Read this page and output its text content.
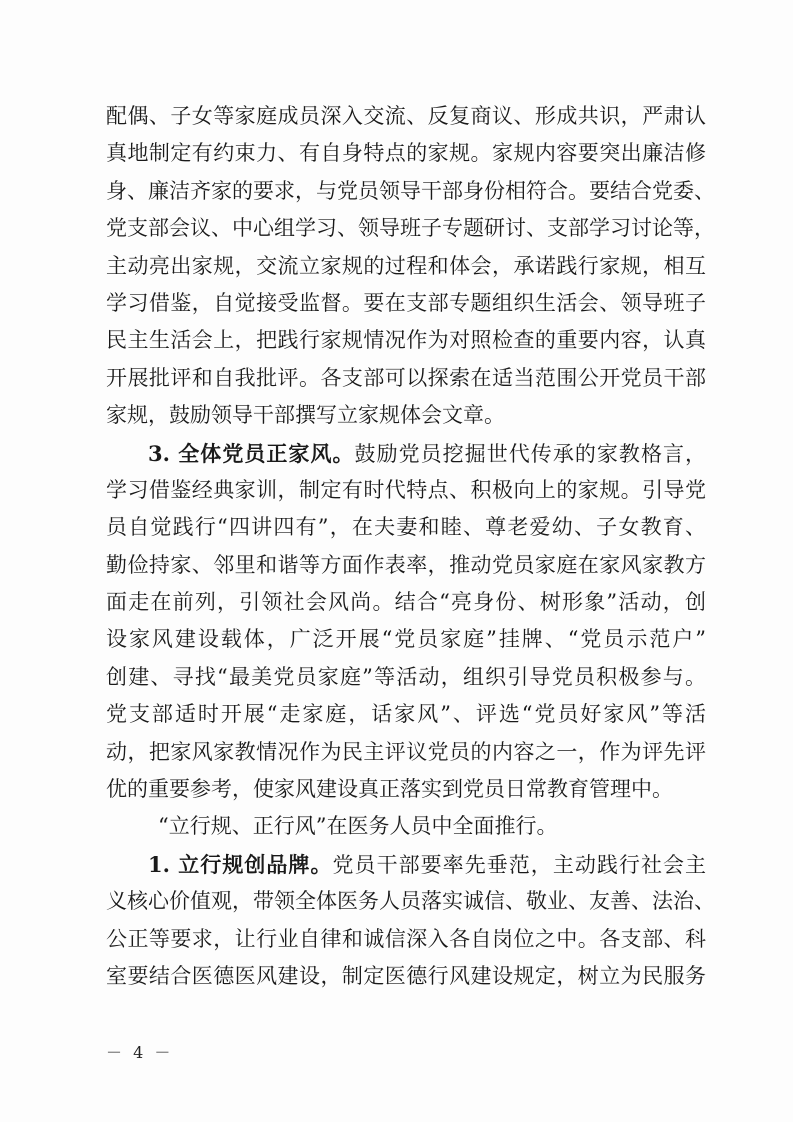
配偶、子女等家庭成员深入交流、反复商议、形成共识，严肃认
真地制定有约束力、有自身特点的家规。家规内容要突出廉洁修
身、廉洁齐家的要求，与党员领导干部身份相符合。要结合党委、
党支部会议、中心组学习、领导班子专题研讨、支部学习讨论等，
主动亮出家规，交流立家规的过程和体会，承诺践行家规，相互
学习借鉴，自觉接受监督。要在支部专题组织生活会、领导班子
民主生活会上，把践行家规情况作为对照检查的重要内容，认真
开展批评和自我批评。各支部可以探索在适当范围公开党员干部
家规，鼓励领导干部撰写立家规体会文章。
3. 全体党员正家风。鼓励党员挖掘世代传承的家教格言，
学习借鉴经典家训，制定有时代特点、积极向上的家规。引导党
员自觉践行“四讲四有”，在夫妻和睦、尊老爱幼、子女教育、
勤俭持家、邻里和谐等方面作表率，推动党员家庭在家风家教方
面走在前列，引领社会风尚。结合“亮身份、树形象”活动，创
设家风建设载体，广泛开展“党员家庭”挂牌、“党员示范户”
创建、寻找“最美党员家庭”等活动，组织引导党员积极参与。
党支部适时开展“走家庭，话家风”、评选“党员好家风”等活
动，把家风家教情况作为民主评议党员的内容之一，作为评先评
优的重要参考，使家风建设真正落实到党员日常教育管理中。
“立行规、正行风”在医务人员中全面推行。
1. 立行规创品牌。党员干部要率先垂范，主动践行社会主
义核心价值观，带领全体医务人员落实诚信、敬业、友善、法治、
公正等要求，让行业自律和诚信深入各自岗位之中。各支部、科
室要结合医德医风建设，制定医德行风建设规定，树立为民服务
－ 4 －
